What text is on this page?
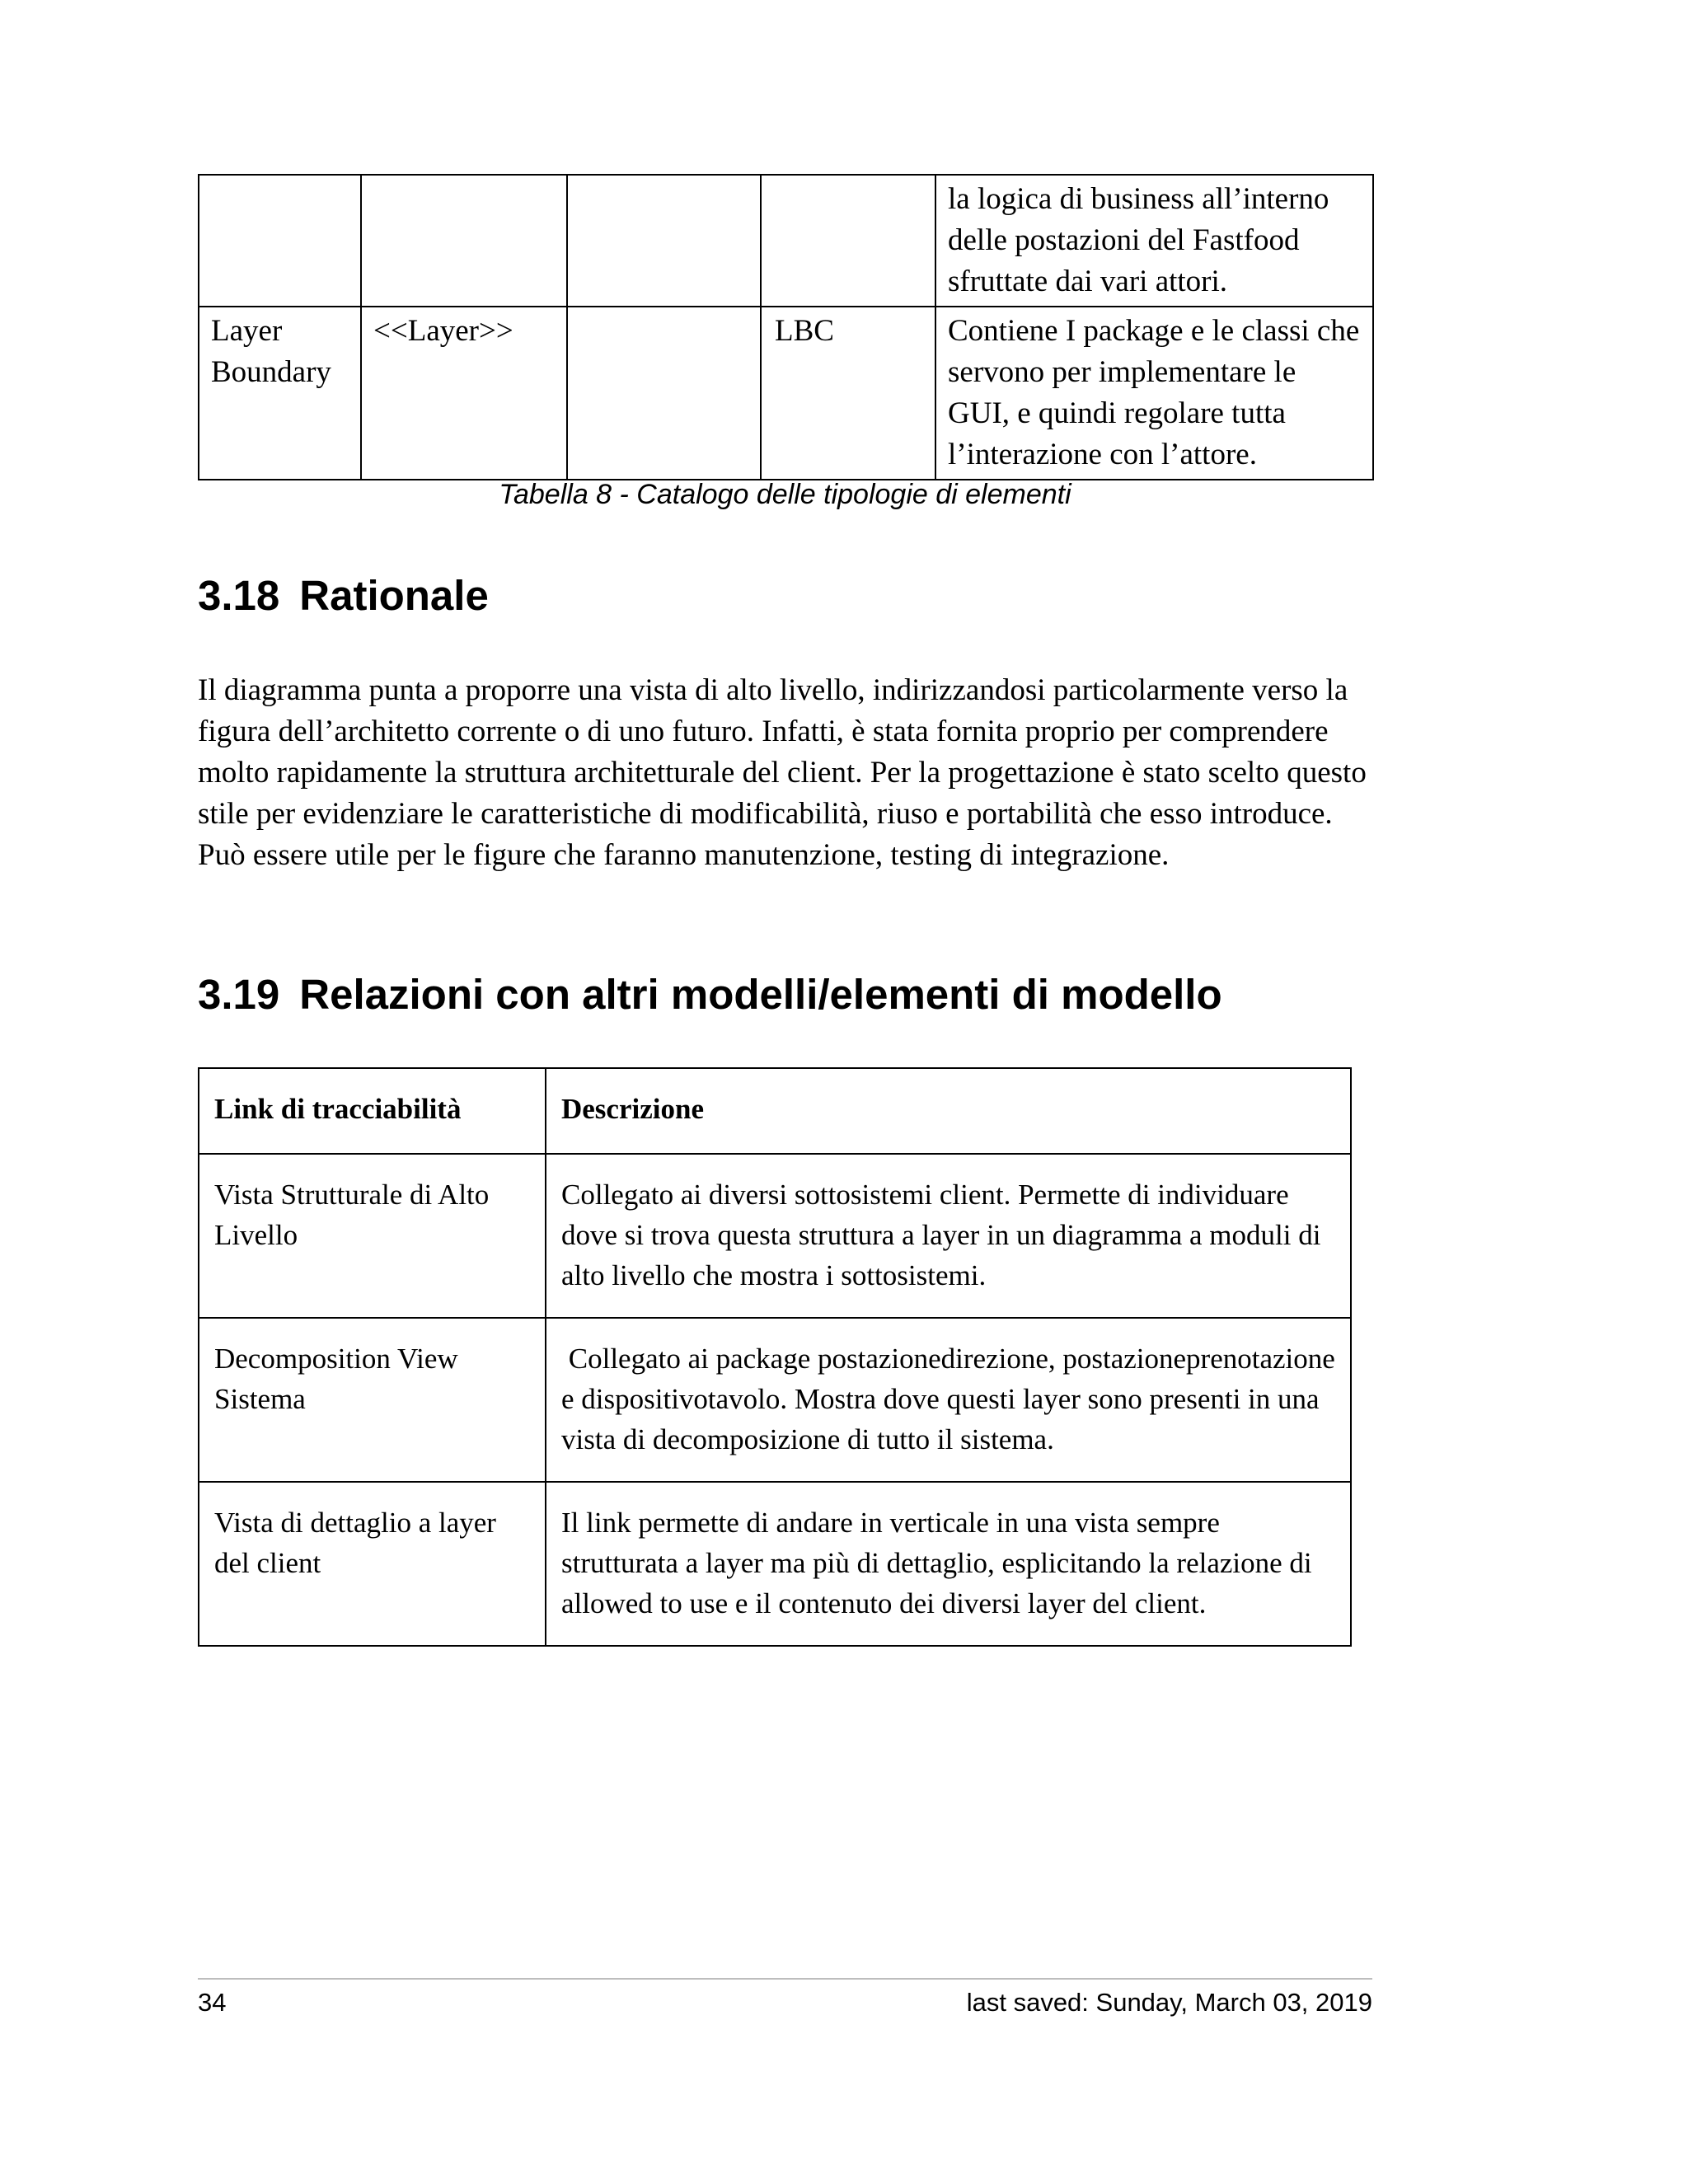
				la logica di business all’interno delle postazioni del Fastfood sfruttate dai vari attori.
Layer Boundary	<<Layer>>		LBC	Contiene I package e le classi che servono per implementare le GUI, e quindi regolare tutta l’interazione con l’attore.
Tabella 8 - Catalogo delle tipologie di elementi
3.18 Rationale

Il diagramma punta a proporre una vista di alto livello, indirizzandosi particolarmente verso la figura dell’architetto corrente o di uno futuro. Infatti, è stata fornita proprio per comprendere molto rapidamente la struttura architetturale del client. Per la progettazione è stato scelto questo stile per evidenziare le caratteristiche di modificabilità, riuso e portabilità che esso introduce.

Può essere utile per le figure che faranno manutenzione, testing di integrazione.

3.19 Relazioni con altri modelli/elementi di modello
Link di tracciabilità	Descrizione
Vista Strutturale di Alto Livello	Collegato ai diversi sottosistemi client. Permette di individuare dove si trova questa struttura a layer in un diagramma a moduli di alto livello che mostra i sottosistemi.
Decomposition View Sistema	Collegato ai package postazionedirezione, postazioneprenotazione e dispositivotavolo. Mostra dove questi layer sono presenti in una vista di decomposizione di tutto il sistema.
Vista di dettaglio a layer del client	Il link permette di andare in verticale in una vista sempre strutturata a layer ma più di dettaglio, esplicitando la relazione di allowed to use e il contenuto dei diversi layer del client.
34	last saved: Sunday, March 03, 2019
